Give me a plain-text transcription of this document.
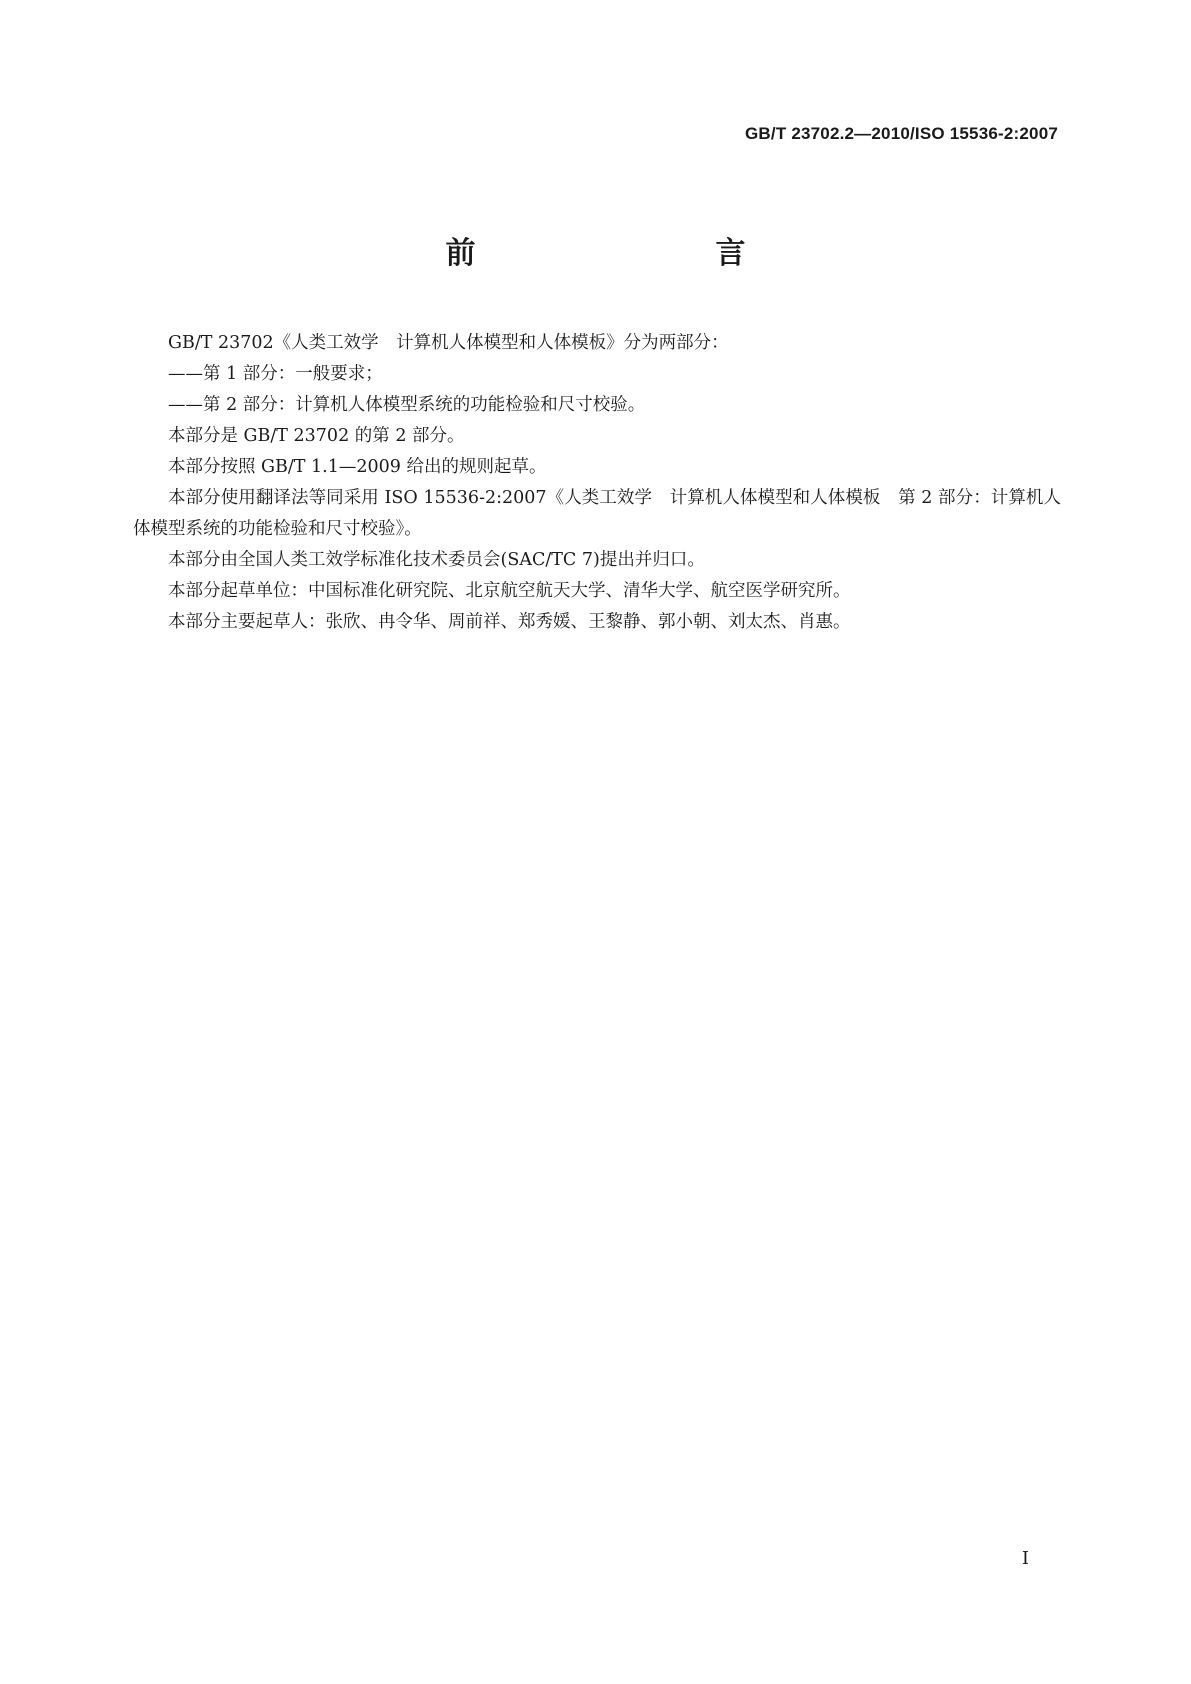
GB/T 23702.2—2010/ISO 15536-2:2007
前　　言

GB/T 23702《人类工效学　计算机人体模型和人体模板》分为两部分：

——第 1 部分：一般要求；

——第 2 部分：计算机人体模型系统的功能检验和尺寸校验。

本部分是 GB/T 23702 的第 2 部分。

本部分按照 GB/T 1.1—2009 给出的规则起草。

本部分使用翻译法等同采用 ISO 15536-2:2007《人类工效学　计算机人体模型和人体模板　第 2 部分：计算机人体模型系统的功能检验和尺寸校验》。

本部分由全国人类工效学标准化技术委员会(SAC/TC 7)提出并归口。

本部分起草单位：中国标准化研究院、北京航空航天大学、清华大学、航空医学研究所。

本部分主要起草人：张欣、冉令华、周前祥、郑秀媛、王黎静、郭小朝、刘太杰、肖惠。

I
